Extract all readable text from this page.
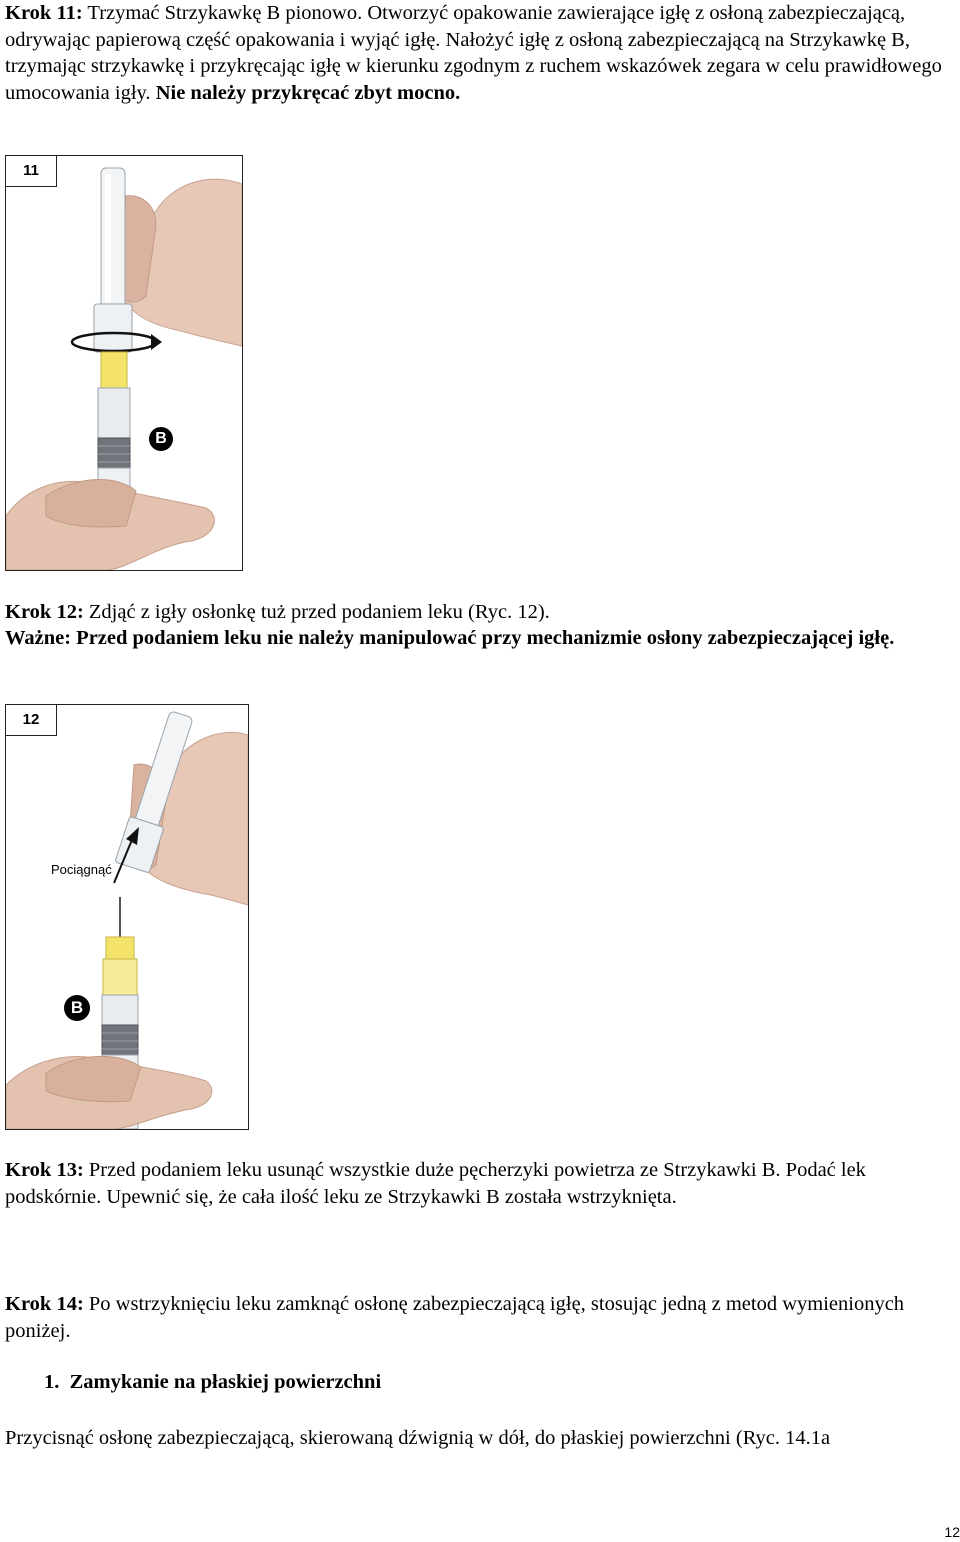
Krok 11: Trzymać Strzykawkę B pionowo. Otworzyć opakowanie zawierające igłę z osłoną zabezpieczającą, odrywając papierową część opakowania i wyjąć igłę. Nałożyć igłę z osłoną zabezpieczającą na Strzykawkę B, trzymając strzykawkę i przykręcając igłę w kierunku zgodnym z ruchem wskazówek zegara w celu prawidłowego umocowania igły. Nie należy przykręcać zbyt mocno.

11
B

Krok 12: Zdjąć z igły osłonkę tuż przed podaniem leku (Ryc. 12).

Ważne: Przed podaniem leku nie należy manipulować przy mechanizmie osłony zabezpieczającej igłę.

12
Pociągnąć
B

Krok 13: Przed podaniem leku usunąć wszystkie duże pęcherzyki powietrza ze Strzykawki B. Podać lek podskórnie. Upewnić się, że cała ilość leku ze Strzykawki B została wstrzyknięta.

Krok 14: Po wstrzyknięciu leku zamknąć osłonę zabezpieczającą igłę, stosując jedną z metod wymienionych poniżej.

1. Zamykanie na płaskiej powierzchni

Przycisnąć osłonę zabezpieczającą, skierowaną dźwignią w dół, do płaskiej powierzchni (Ryc. 14.1a

12
